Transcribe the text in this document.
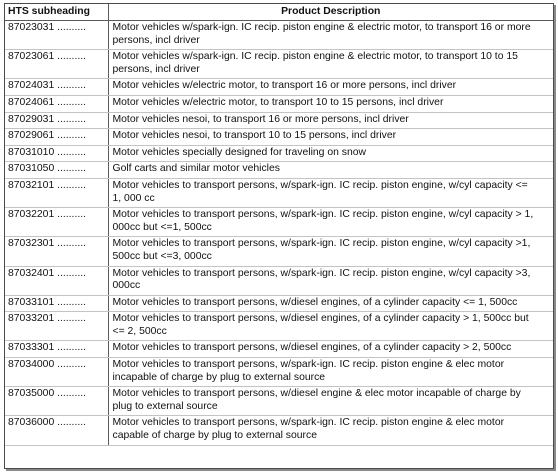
HTS subheading	Product Description
87023031 ..........	Motor vehicles w/spark-ign. IC recip. piston engine & electric motor, to transport 16 or more persons, incl driver
87023061 ..........	Motor vehicles w/spark-ign. IC recip. piston engine & electric motor, to transport 10 to 15 persons, incl driver
87024031 ..........	Motor vehicles w/electric motor, to transport 16 or more persons, incl driver
87024061 ..........	Motor vehicles w/electric motor, to transport 10 to 15 persons, incl driver
87029031 ..........	Motor vehicles nesoi, to transport 16 or more persons, incl driver
87029061 ..........	Motor vehicles nesoi, to transport 10 to 15 persons, incl driver
87031010 ..........	Motor vehicles specially designed for traveling on snow
87031050 ..........	Golf carts and similar motor vehicles
87032101 ..........	Motor vehicles to transport persons, w/spark-ign. IC recip. piston engine, w/cyl capacity <= 1, 000 cc
87032201 ..........	Motor vehicles to transport persons, w/spark-ign. IC recip. piston engine, w/cyl capacity > 1, 000cc but <=1, 500cc
87032301 ..........	Motor vehicles to transport persons, w/spark-ign. IC recip. piston engine, w/cyl capacity >1, 500cc but <=3, 000cc
87032401 ..........	Motor vehicles to transport persons, w/spark-ign. IC recip. piston engine, w/cyl capacity >3, 000cc
87033101 ..........	Motor vehicles to transport persons, w/diesel engines, of a cylinder capacity <= 1, 500cc
87033201 ..........	Motor vehicles to transport persons, w/diesel engines, of a cylinder capacity > 1, 500cc but <= 2, 500cc
87033301 ..........	Motor vehicles to transport persons, w/diesel engines, of a cylinder capacity > 2, 500cc
87034000 ..........	Motor vehicles to transport persons, w/spark-ign. IC recip. piston engine & elec motor incapable of charge by plug to external source
87035000 ..........	Motor vehicles to transport persons, w/diesel engine & elec motor incapable of charge by plug to external source
87036000 ..........	Motor vehicles to transport persons, w/spark-ign. IC recip. piston engine & elec motor capable of charge by plug to external source
